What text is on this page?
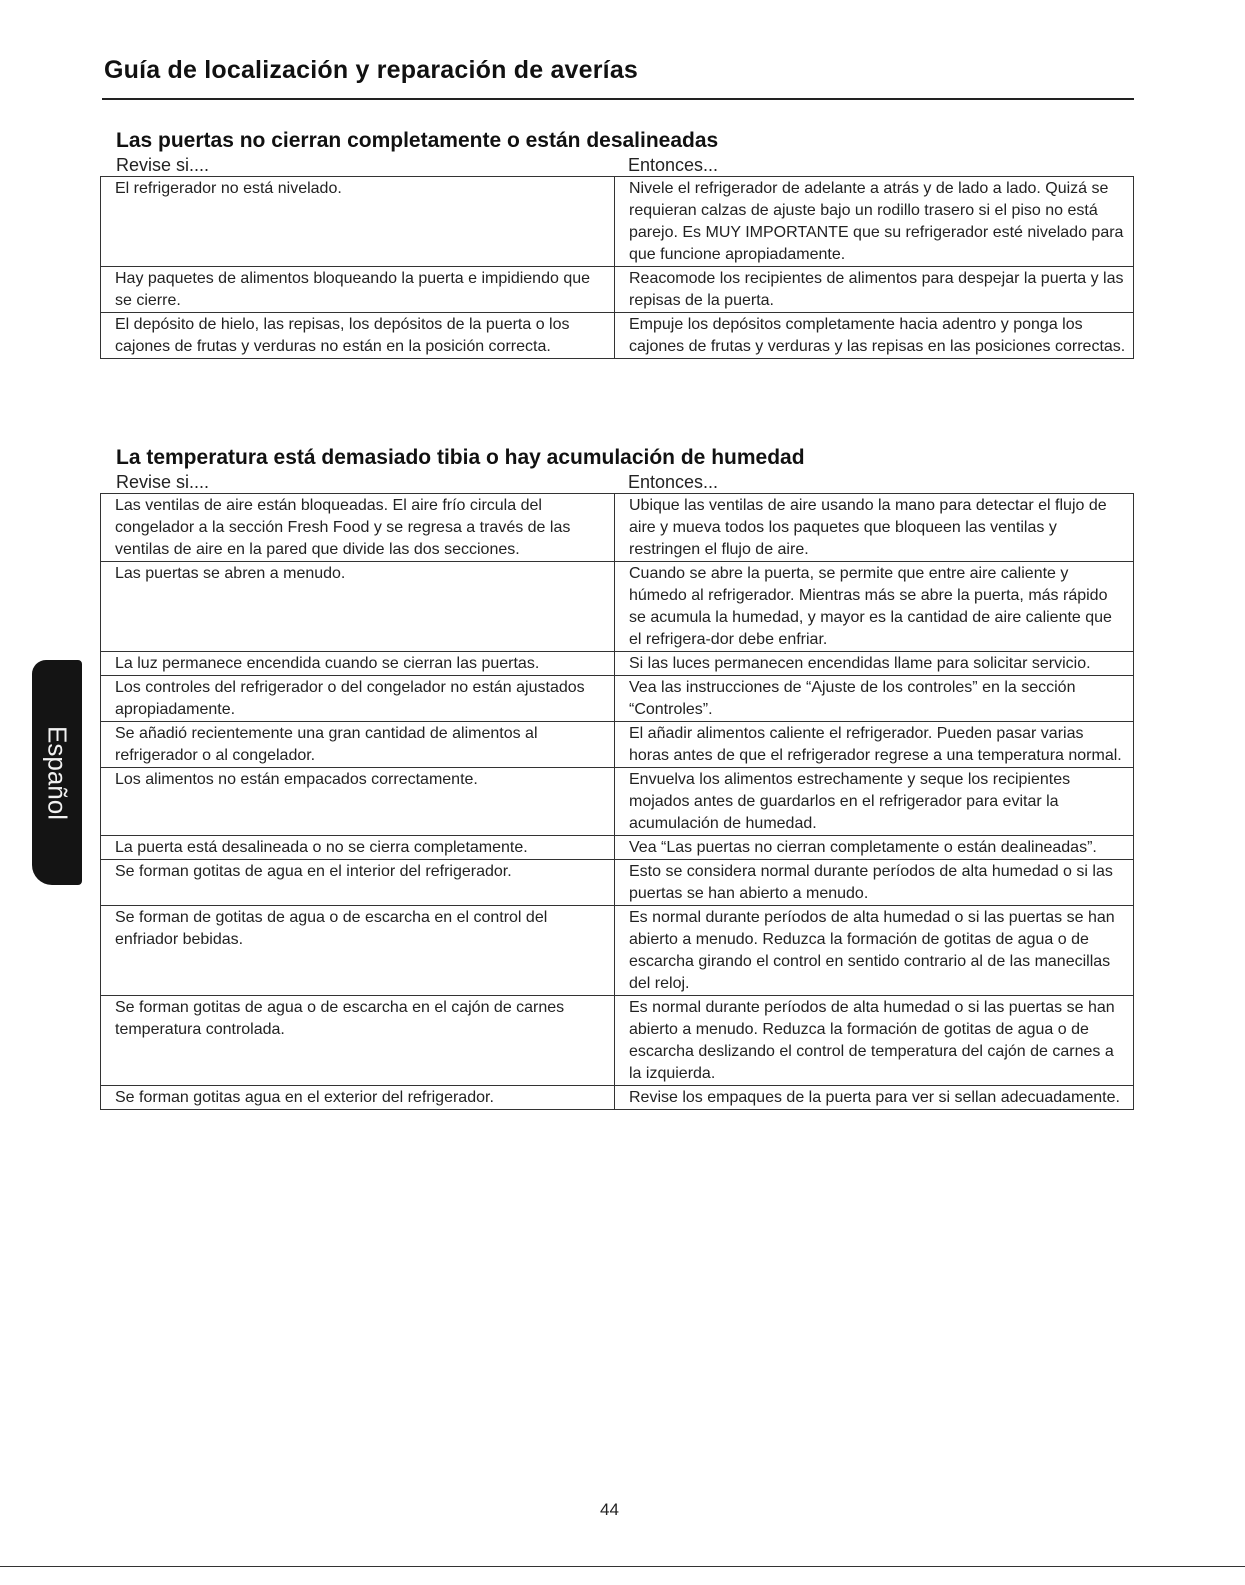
Guía de localización y reparación de averías
Las puertas no cierran completamente o están desalineadas
Revise si....	Entonces...
El refrigerador no está nivelado.	Nivele el refrigerador de adelante a atrás y de lado a lado. Quizá se requieran calzas de ajuste bajo un rodillo trasero si el piso no está parejo. Es MUY IMPORTANTE que su refrigerador esté nivelado para que funcione apropiadamente.
Hay paquetes de alimentos bloqueando la puerta e impidiendo que se cierre.	Reacomode los recipientes de alimentos para despejar la puerta y las repisas de la puerta.
El depósito de hielo, las repisas, los depósitos de la puerta o los cajones de frutas y verduras no están en la posición correcta.	Empuje los depósitos completamente hacia adentro y ponga los cajones de frutas y verduras y las repisas en las posiciones correctas.
La temperatura está demasiado tibia o hay acumulación de humedad
Revise si....	Entonces...
Las ventilas de aire están bloqueadas. El aire frío circula del congelador a la sección Fresh Food y se regresa a través de las ventilas de aire en la pared que divide las dos secciones.	Ubique las ventilas de aire usando la mano para detectar el flujo de aire y mueva todos los paquetes que bloqueen las ventilas y restringen el flujo de aire.
Las puertas se abren a menudo.	Cuando se abre la puerta, se permite que entre aire caliente y húmedo al refrigerador. Mientras más se abre la puerta, más rápido se acumula la humedad, y mayor es la cantidad de aire caliente que el refrigera-dor debe enfriar.
La luz permanece encendida cuando se cierran las puertas.	Si las luces permanecen encendidas llame para solicitar servicio.
Los controles del refrigerador o del congelador no están ajustados apropiadamente.	Vea las instrucciones de “Ajuste de los controles” en la sección “Controles”.
Se añadió recientemente una gran cantidad de alimentos al refrigerador o al congelador.	El añadir alimentos caliente el refrigerador. Pueden pasar varias horas antes de que el refrigerador regrese a una temperatura normal.
Los alimentos no están empacados correctamente.	Envuelva los alimentos estrechamente y seque los recipientes mojados antes de guardarlos en el refrigerador para evitar la acumulación de humedad.
La puerta está desalineada o no se cierra completamente.	Vea “Las puertas no cierran completamente o están dealineadas”.
Se forman gotitas de agua en el interior del refrigerador.	Esto se considera normal durante períodos de alta humedad o si las puertas se han abierto a menudo.
Se forman de gotitas de agua o de escarcha en el control del enfriador bebidas.	Es normal durante períodos de alta humedad o si las puertas se han abierto a menudo. Reduzca la formación de gotitas de agua o de escarcha girando el control en sentido contrario al de las manecillas del reloj.
Se forman gotitas de agua o de escarcha en el cajón de carnes temperatura controlada.	Es normal durante períodos de alta humedad o si las puertas se han abierto a menudo. Reduzca la formación de gotitas de agua o de escarcha deslizando el control de temperatura del cajón de carnes a la izquierda.
Se forman gotitas agua en el exterior del refrigerador.	Revise los empaques de la puerta para ver si sellan adecuadamente.
Español
44
